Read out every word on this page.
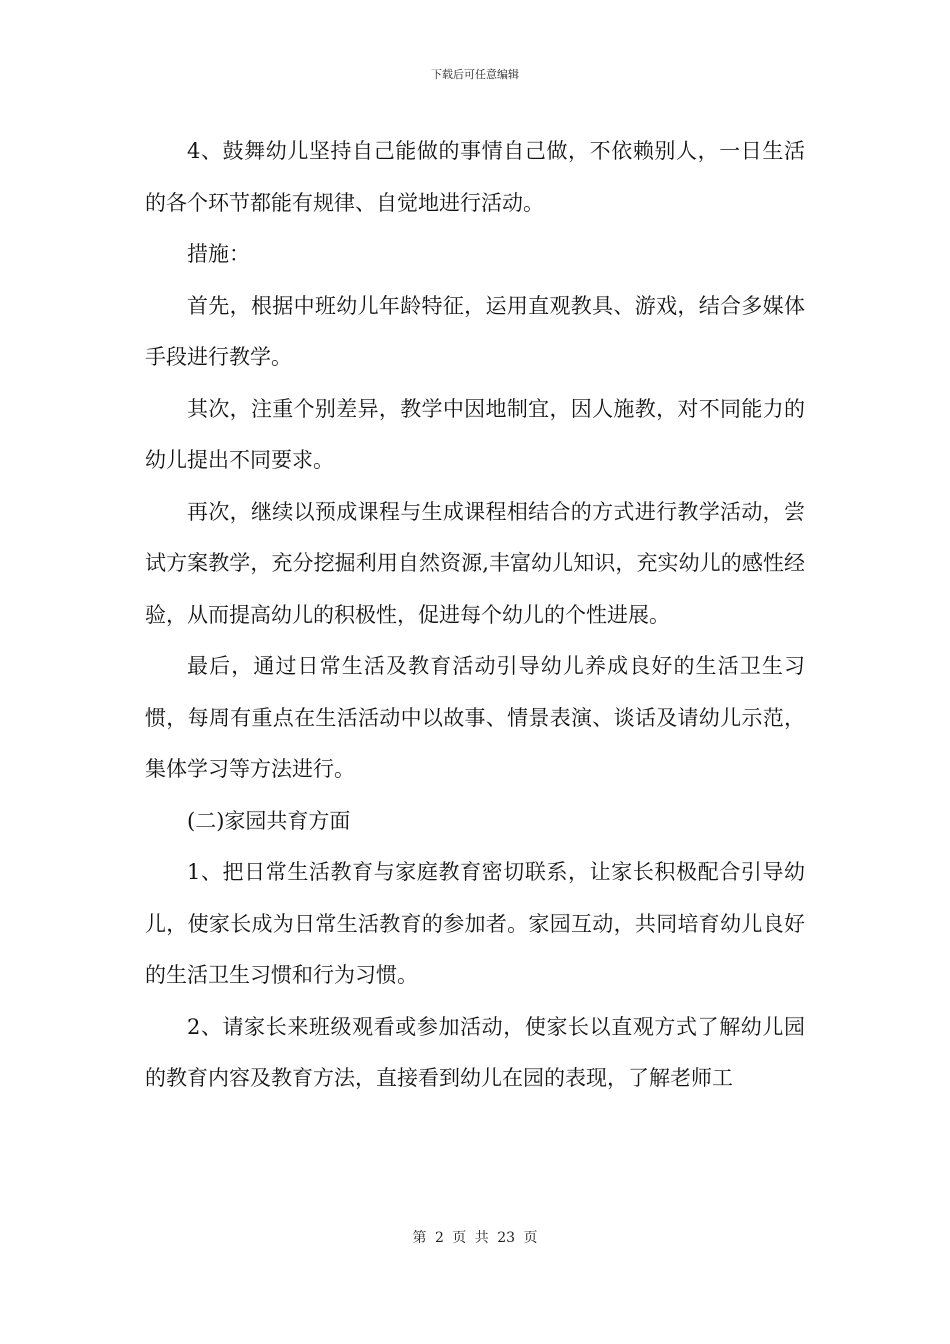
下载后可任意编辑

4、鼓舞幼儿坚持自己能做的事情自己做，不依赖别人，一日生活的各个环节都能有规律、自觉地进行活动。

措施：

首先，根据中班幼儿年龄特征，运用直观教具、游戏，结合多媒体手段进行教学。

其次，注重个别差异，教学中因地制宜，因人施教，对不同能力的幼儿提出不同要求。

再次，继续以预成课程与生成课程相结合的方式进行教学活动，尝试方案教学，充分挖掘利用自然资源,丰富幼儿知识，充实幼儿的感性经验，从而提高幼儿的积极性，促进每个幼儿的个性进展。

最后，通过日常生活及教育活动引导幼儿养成良好的生活卫生习惯，每周有重点在生活活动中以故事、情景表演、谈话及请幼儿示范，集体学习等方法进行。

(二)家园共育方面

1、把日常生活教育与家庭教育密切联系，让家长积极配合引导幼儿，使家长成为日常生活教育的参加者。家园互动，共同培育幼儿良好的生活卫生习惯和行为习惯。

2、请家长来班级观看或参加活动，使家长以直观方式了解幼儿园的教育内容及教育方法，直接看到幼儿在园的表现，了解老师工

第 2 页 共 23 页
